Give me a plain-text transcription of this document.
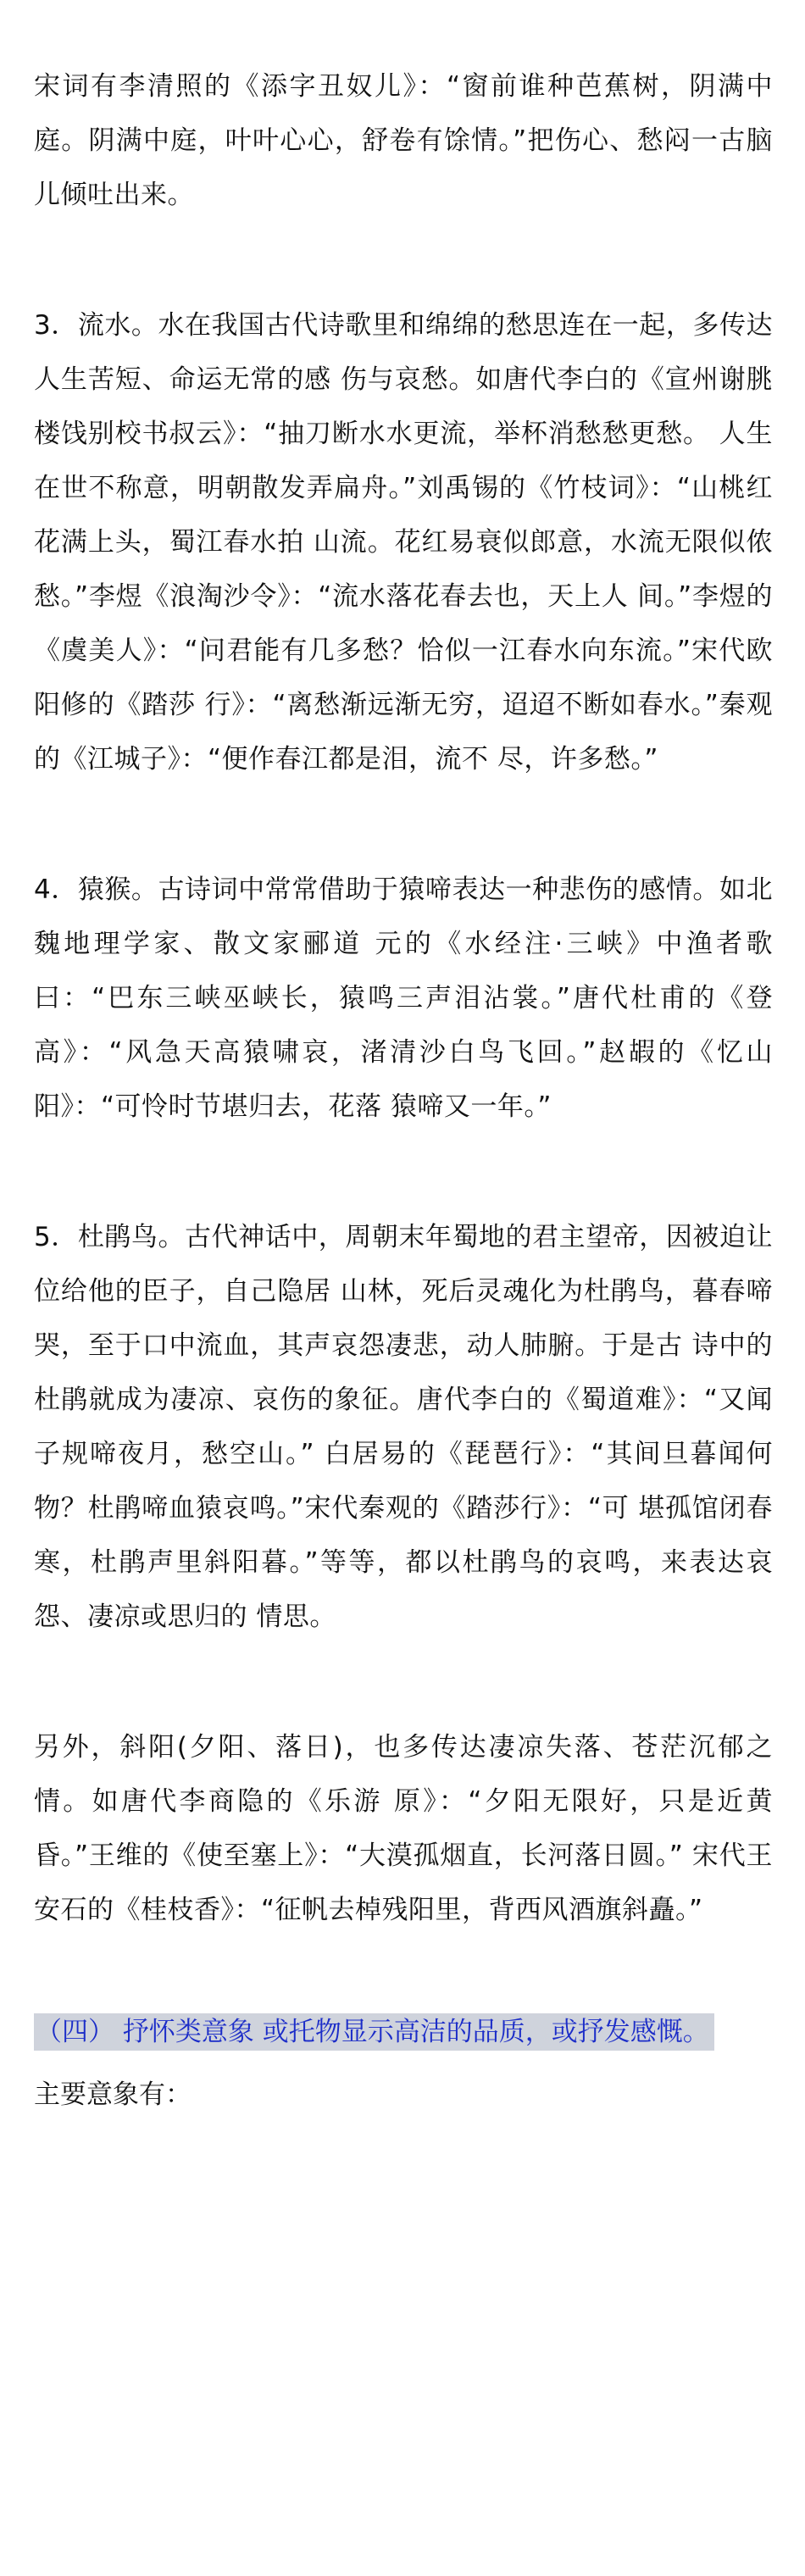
宋词有李清照的《添字丑奴儿》：“窗前谁种芭蕉树，阴满中庭。阴满中庭，叶叶心心，舒卷有馀情。”把伤心、愁闷一古脑 儿倾吐出来。

3．流水。水在我国古代诗歌里和绵绵的愁思连在一起，多传达人生苦短、命运无常的感 伤与哀愁。如唐代李白的《宣州谢朓楼饯别校书叔云》：“抽刀断水水更流，举杯消愁愁更愁。 人生在世不称意，明朝散发弄扁舟。”刘禹锡的《竹枝词》：“山桃红花满上头，蜀江春水拍 山流。花红易衰似郎意，水流无限似侬愁。”李煜《浪淘沙令》：“流水落花春去也，天上人 间。”李煜的《虞美人》：“问君能有几多愁？恰似一江春水向东流。”宋代欧阳修的《踏莎 行》：“离愁渐远渐无穷，迢迢不断如春水。”秦观的《江城子》：“便作春江都是泪，流不 尽，许多愁。”

4．猿猴。古诗词中常常借助于猿啼表达一种悲伤的感情。如北魏地理学家、散文家郦道 元的《水经注·三峡》中渔者歌曰：“巴东三峡巫峡长，猿鸣三声泪沾裳。”唐代杜甫的《登 高》：“风急天高猿啸哀，渚清沙白鸟飞回。”赵嘏的《忆山阳》：“可怜时节堪归去，花落 猿啼又一年。”

5．杜鹃鸟。古代神话中，周朝末年蜀地的君主望帝，因被迫让位给他的臣子，自己隐居 山林，死后灵魂化为杜鹃鸟，暮春啼哭，至于口中流血，其声哀怨凄悲，动人肺腑。于是古 诗中的杜鹃就成为凄凉、哀伤的象征。唐代李白的《蜀道难》：“又闻子规啼夜月，愁空山。” 白居易的《琵琶行》：“其间旦暮闻何物？杜鹃啼血猿哀鸣。”宋代秦观的《踏莎行》：“可 堪孤馆闭春寒，杜鹃声里斜阳暮。”等等，都以杜鹃鸟的哀鸣，来表达哀怨、凄凉或思归的 情思。

另外，斜阳(夕阳、落日)，也多传达凄凉失落、苍茫沉郁之情。如唐代李商隐的《乐游 原》：“夕阳无限好，只是近黄昏。”王维的《使至塞上》：“大漠孤烟直，长河落日圆。” 宋代王安石的《桂枝香》：“征帆去棹残阳里，背西风酒旗斜矗。”

（四） 抒怀类意象 或托物显示高洁的品质，或抒发感慨。

主要意象有：
